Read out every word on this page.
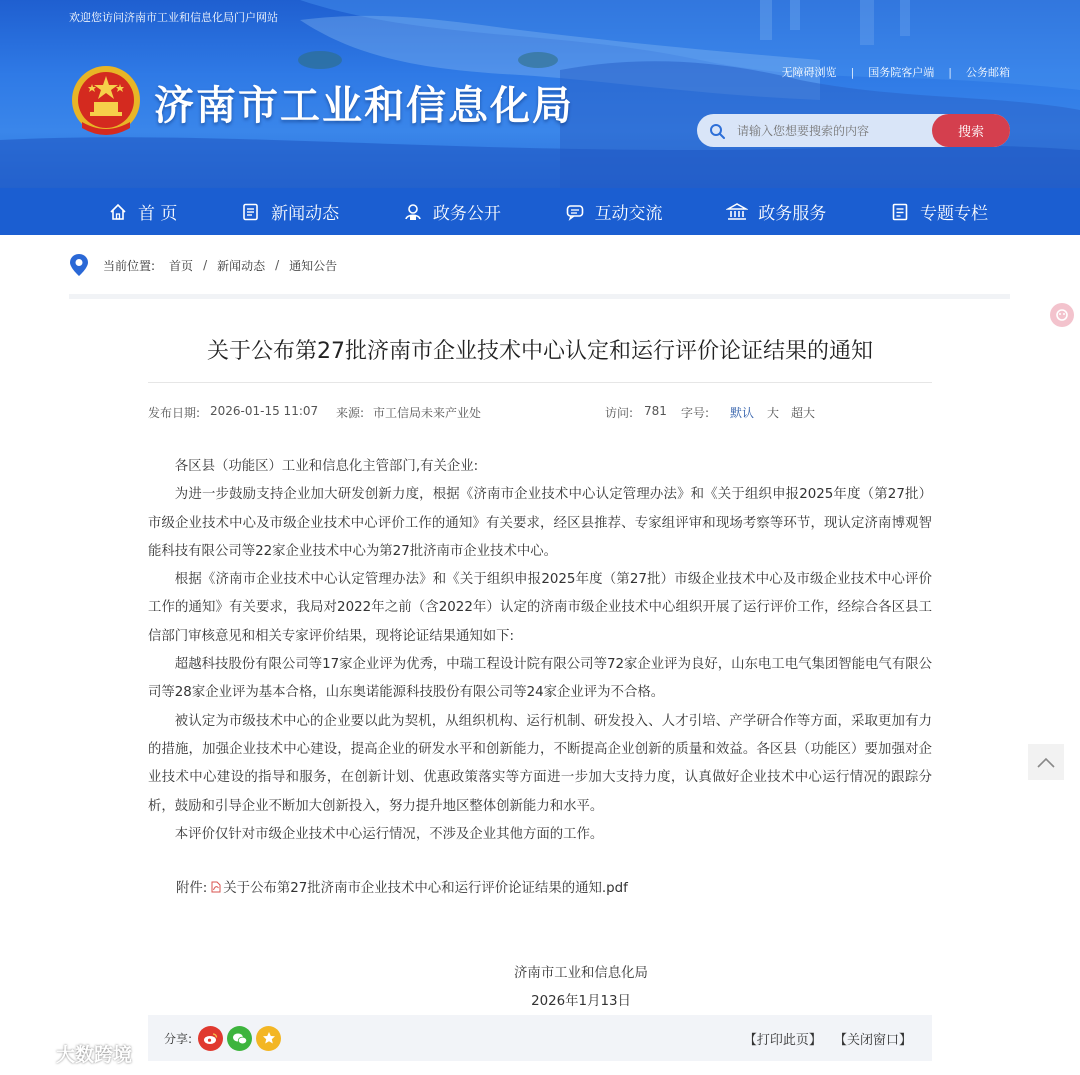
欢迎您访问济南市工业和信息化局门户网站
济南市工业和信息化局
无障碍浏览 | 国务院客户端 | 公务邮箱
请输入您想要搜索的内容
搜索
首 页	新闻动态	政务公开	互动交流	政务服务	专题专栏
当前位置: 首页 / 新闻动态 / 通知公告
关于公布第27批济南市企业技术中心认定和运行评价论证结果的通知
发布日期: 2026-01-15 11:07 来源: 市工信局未来产业处	访问: 781 字号: 默认 大 超大

各区县（功能区）工业和信息化主管部门,有关企业:

为进一步鼓励支持企业加大研发创新力度，根据《济南市企业技术中心认定管理办法》和《关于组织申报2025年度（第27批）市级企业技术中心及市级企业技术中心评价工作的通知》有关要求，经区县推荐、专家组评审和现场考察等环节，现认定济南博观智能科技有限公司等22家企业技术中心为第27批济南市企业技术中心。

根据《济南市企业技术中心认定管理办法》和《关于组织申报2025年度（第27批）市级企业技术中心及市级企业技术中心评价工作的通知》有关要求，我局对2022年之前（含2022年）认定的济南市级企业技术中心组织开展了运行评价工作，经综合各区县工信部门审核意见和相关专家评价结果，现将论证结果通知如下:

超越科技股份有限公司等17家企业评为优秀，中瑞工程设计院有限公司等72家企业评为良好，山东电工电气集团智能电气有限公司等28家企业评为基本合格，山东奥诺能源科技股份有限公司等24家企业评为不合格。

被认定为市级技术中心的企业要以此为契机，从组织机构、运行机制、研发投入、人才引培、产学研合作等方面，采取更加有力的措施，加强企业技术中心建设，提高企业的研发水平和创新能力，不断提高企业创新的质量和效益。各区县（功能区）要加强对企业技术中心建设的指导和服务，在创新计划、优惠政策落实等方面进一步加大支持力度，认真做好企业技术中心运行情况的跟踪分析，鼓励和引导企业不断加大创新投入，努力提升地区整体创新能力和水平。

本评价仅针对市级企业技术中心运行情况，不涉及企业其他方面的工作。

附件: 关于公布第27批济南市企业技术中心和运行评价论证结果的通知.pdf
济南市工业和信息化局
2026年1月13日
分享:	【打印此页】 【关闭窗口】
大数跨境
